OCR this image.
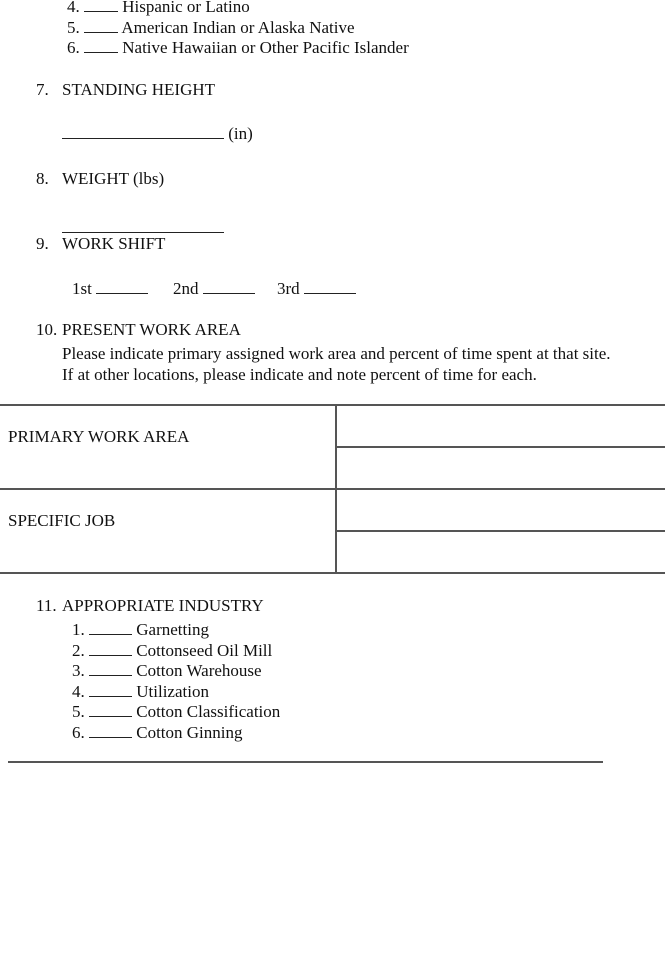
4.	Hispanic or Latino
5. American Indian or Alaska Native
6.	Native Hawaiian or Other Pacific Islander
7. STANDING HEIGHT
(in)
8. WEIGHT (lbs)
9. WORK SHIFT
1st	2nd	3rd
10. PRESENT WORK AREA
Please indicate primary assigned work area and percent of time spent at that site.
If at other locations, please indicate and note percent of time for each.
PRIMARY WORK AREA
SPECIFIC JOB
11. APPROPRIATE INDUSTRY
1.	Garnetting
2.	Cottonseed Oil Mill
3.	Cotton Warehouse
4.	Utilization
5.	Cotton Classification
6.	Cotton Ginning
